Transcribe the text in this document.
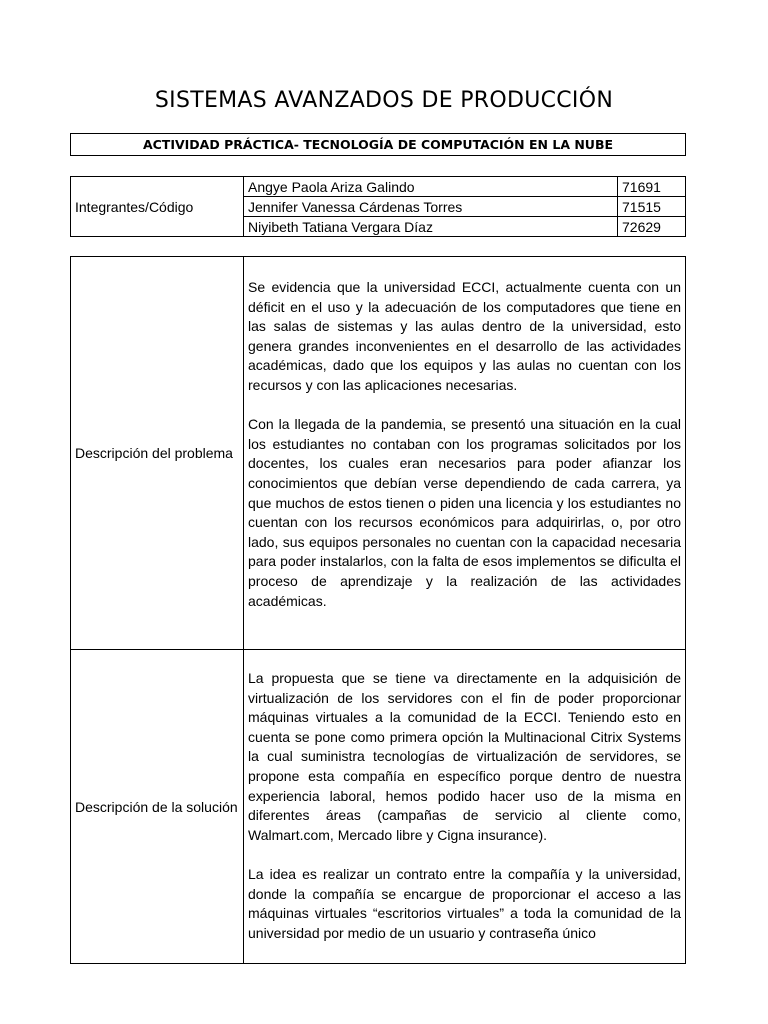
SISTEMAS AVANZADOS DE PRODUCCIÓN
ACTIVIDAD PRÁCTICA- TECNOLOGÍA DE COMPUTACIÓN EN LA NUBE
Integrantes/Código	Angye Paola Ariza Galindo	71691
	Jennifer Vanessa Cárdenas Torres	71515
	Niyibeth Tatiana Vergara Díaz	72629
Descripción del problema	Se evidencia que la universidad ECCI, actualmente cuenta con un déficit en el uso y la adecuación de los computadores que tiene en las salas de sistemas y las aulas dentro de la universidad, esto genera grandes inconvenientes en el desarrollo de las actividades académicas, dado que los equipos y las aulas no cuentan con los recursos y con las aplicaciones necesarias.

Con la llegada de la pandemia, se presentó una situación en la cual los estudiantes no contaban con los programas solicitados por los docentes, los cuales eran necesarios para poder afianzar los conocimientos que debían verse dependiendo de cada carrera, ya que muchos de estos tienen o piden una licencia y los estudiantes no cuentan con los recursos económicos para adquirirlas, o, por otro lado, sus equipos personales no cuentan con la capacidad necesaria para poder instalarlos, con la falta de esos implementos se dificulta el proceso de aprendizaje y la realización de las actividades académicas.

Descripción de la solución	La propuesta que se tiene va directamente en la adquisición de virtualización de los servidores con el fin de poder proporcionar máquinas virtuales a la comunidad de la ECCI. Teniendo esto en cuenta se pone como primera opción la Multinacional Citrix Systems la cual suministra tecnologías de virtualización de servidores, se propone esta compañía en específico porque dentro de nuestra experiencia laboral, hemos podido hacer uso de la misma en diferentes áreas (campañas de servicio al cliente como, Walmart.com, Mercado libre y Cigna insurance).

La idea es realizar un contrato entre la compañía y la universidad, donde la compañía se encargue de proporcionar el acceso a las máquinas virtuales “escritorios virtuales” a toda la comunidad de la universidad por medio de un usuario y contraseña único
